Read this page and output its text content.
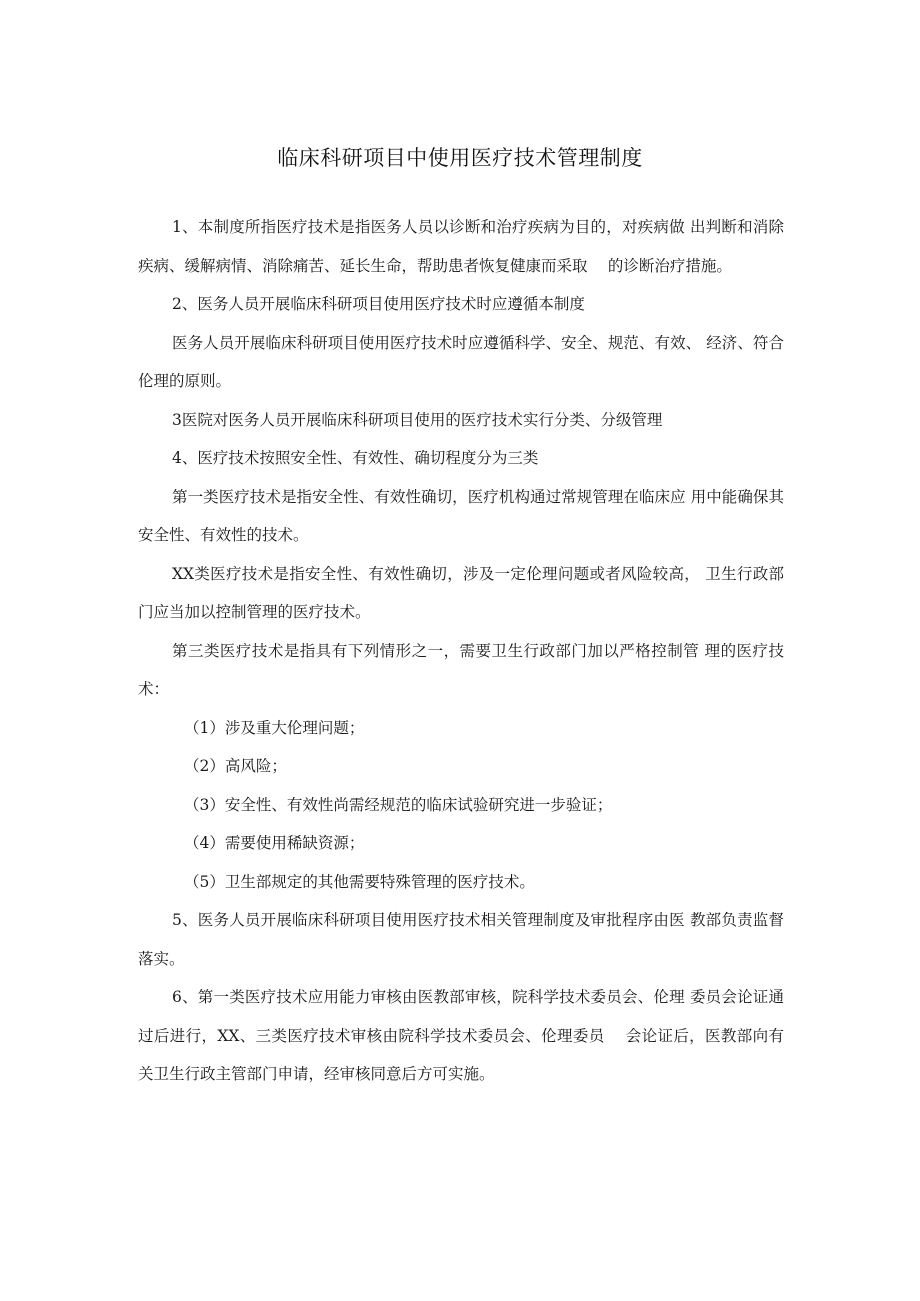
临床科研项目中使用医疗技术管理制度

1、本制度所指医疗技术是指医务人员以诊断和治疗疾病为目的，对疾病做 出判断和消除疾病、缓解病情、消除痛苦、延长生命，帮助患者恢复健康而采取　 的诊断治疗措施。

2、医务人员开展临床科研项目使用医疗技术时应遵循本制度

医务人员开展临床科研项目使用医疗技术时应遵循科学、安全、规范、有效、 经济、符合伦理的原则。

3医院对医务人员开展临床科研项目使用的医疗技术实行分类、分级管理

4、医疗技术按照安全性、有效性、确切程度分为三类

第一类医疗技术是指安全性、有效性确切，医疗机构通过常规管理在临床应 用中能确保其安全性、有效性的技术。

XX类医疗技术是指安全性、有效性确切，涉及一定伦理问题或者风险较高， 卫生行政部门应当加以控制管理的医疗技术。

第三类医疗技术是指具有下列情形之一，需要卫生行政部门加以严格控制管 理的医疗技术：

（1）涉及重大伦理问题；

（2）高风险；

（3）安全性、有效性尚需经规范的临床试验研究进一步验证；

（4）需要使用稀缺资源；

（5）卫生部规定的其他需要特殊管理的医疗技术。

5、医务人员开展临床科研项目使用医疗技术相关管理制度及审批程序由医 教部负责监督落实。

6、第一类医疗技术应用能力审核由医教部审核，院科学技术委员会、伦理 委员会论证通过后进行，XX、三类医疗技术审核由院科学技术委员会、伦理委员　 会论证后，医教部向有关卫生行政主管部门申请，经审核同意后方可实施。
